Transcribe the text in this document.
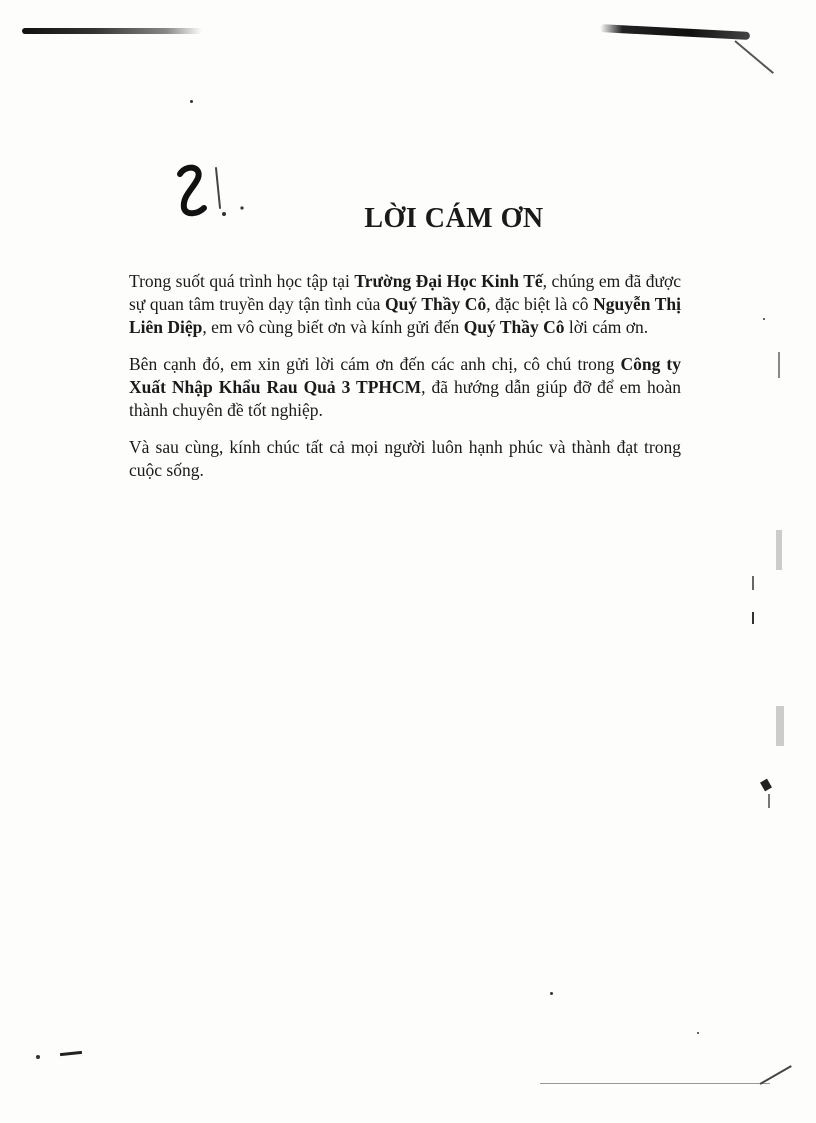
LỜI CÁM ƠN

Trong suốt quá trình học tập tại Trường Đại Học Kinh Tế, chúng em đã được sự quan tâm truyền dạy tận tình của Quý Thầy Cô, đặc biệt là cô Nguyễn Thị Liên Diệp, em vô cùng biết ơn và kính gửi đến Quý Thầy Cô lời cám ơn.

Bên cạnh đó, em xin gửi lời cám ơn đến các anh chị, cô chú trong Công ty Xuất Nhập Khẩu Rau Quả 3 TPHCM, đã hướng dẫn giúp đỡ để em hoàn thành chuyên đề tốt nghiệp.

Và sau cùng, kính chúc tất cả mọi người luôn hạnh phúc và thành đạt trong cuộc sống.
